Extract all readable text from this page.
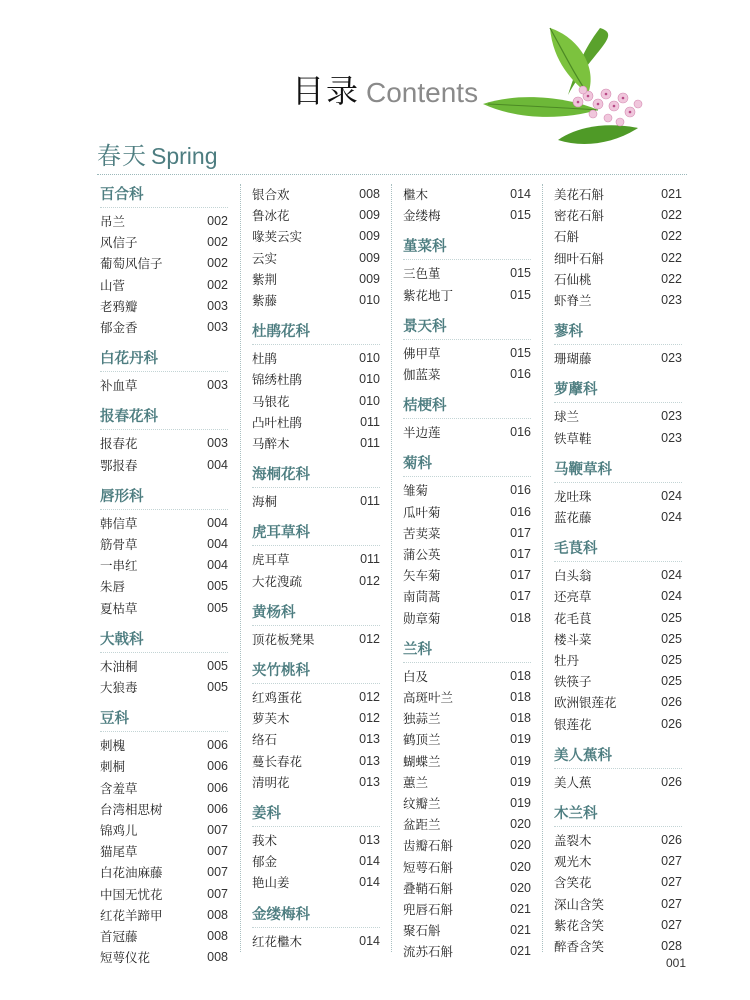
目录 Contents
春天 Spring
百合科
吊兰	002
风信子	002
葡萄风信子	002
山菅	002
老鸦瓣	003
郁金香	003
白花丹科
补血草	003
报春花科
报春花	003
鄂报春	004
唇形科
韩信草	004
筋骨草	004
一串红	004
朱唇	005
夏枯草	005
大戟科
木油桐	005
大狼毒	005
豆科
刺槐	006
刺桐	006
含羞草	006
台湾相思树	006
锦鸡儿	007
猫尾草	007
白花油麻藤	007
中国无忧花	007
红花羊蹄甲	008
首冠藤	008
短萼仪花	008
银合欢	008
鲁冰花	009
喙荚云实	009
云实	009
紫荆	009
紫藤	010
杜鹃花科
杜鹃	010
锦绣杜鹃	010
马银花	010
凸叶杜鹃	011
马醉木	011
海桐花科
海桐	011
虎耳草科
虎耳草	011
大花溲疏	012
黄杨科
顶花板凳果	012
夹竹桃科
红鸡蛋花	012
萝芙木	012
络石	013
蔓长春花	013
清明花	013
姜科
莪术	013
郁金	014
艳山姜	014
金缕梅科
红花檵木	014
檵木	014
金缕梅	015
堇菜科
三色堇	015
紫花地丁	015
景天科
佛甲草	015
伽蓝菜	016
桔梗科
半边莲	016
菊科
雏菊	016
瓜叶菊	016
苦荬菜	017
蒲公英	017
矢车菊	017
南茼蒿	017
勋章菊	018
兰科
白及	018
高斑叶兰	018
独蒜兰	018
鹤顶兰	019
蝴蝶兰	019
蕙兰	019
纹瓣兰	019
盆距兰	020
齿瓣石斛	020
短萼石斛	020
叠鞘石斛	020
兜唇石斛	021
聚石斛	021
流苏石斛	021
美花石斛	021
密花石斛	022
石斛	022
细叶石斛	022
石仙桃	022
虾脊兰	023
蓼科
珊瑚藤	023
萝藦科
球兰	023
铁草鞋	023
马鞭草科
龙吐珠	024
蓝花藤	024
毛茛科
白头翁	024
还亮草	024
花毛茛	025
楼斗菜	025
牡丹	025
铁筷子	025
欧洲银莲花	026
银莲花	026
美人蕉科
美人蕉	026
木兰科
盖裂木	026
观光木	027
含笑花	027
深山含笑	027
紫花含笑	027
醉香含笑	028
001
